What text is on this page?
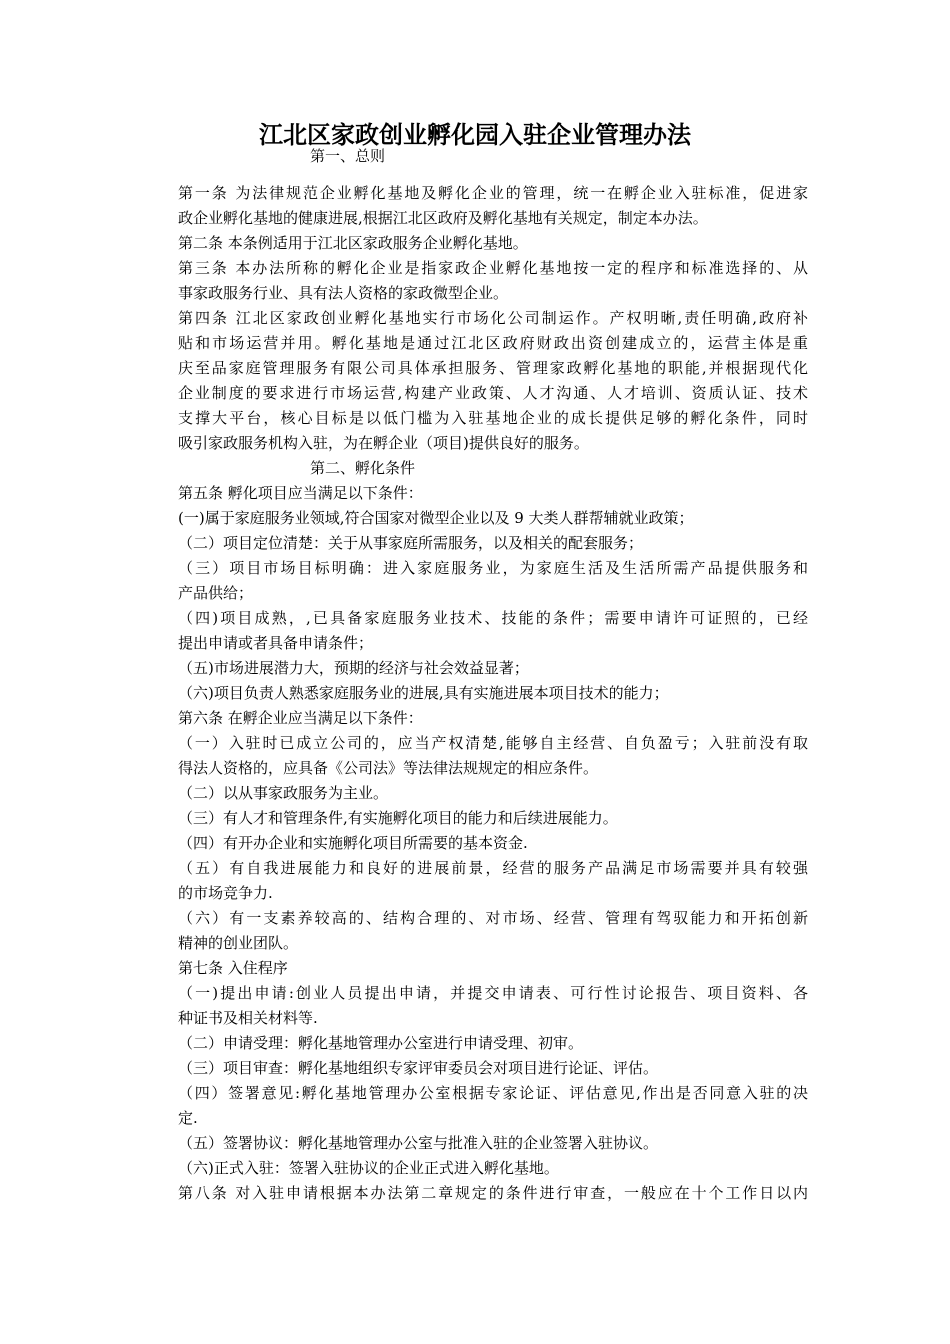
江北区家政创业孵化园入驻企业管理办法
第一、总则
第一条 为法律规范企业孵化基地及孵化企业的管理，统一在孵企业入驻标准，促进家
政企业孵化基地的健康进展,根据江北区政府及孵化基地有关规定，制定本办法。
第二条 本条例适用于江北区家政服务企业孵化基地。
第三条 本办法所称的孵化企业是指家政企业孵化基地按一定的程序和标准选择的、从
事家政服务行业、具有法人资格的家政微型企业。
第四条 江北区家政创业孵化基地实行市场化公司制运作。产权明晰,责任明确,政府补
贴和市场运营并用。孵化基地是通过江北区政府财政出资创建成立的，运营主体是重
庆至品家庭管理服务有限公司具体承担服务、管理家政孵化基地的职能,并根据现代化
企业制度的要求进行市场运营,构建产业政策、人才沟通、人才培训、资质认证、技术
支撑大平台，核心目标是以低门槛为入驻基地企业的成长提供足够的孵化条件，同时
吸引家政服务机构入驻，为在孵企业（项目)提供良好的服务。
第二、孵化条件
第五条 孵化项目应当满足以下条件：
(一)属于家庭服务业领域,符合国家对微型企业以及 9 大类人群帮辅就业政策；
（二）项目定位清楚：关于从事家庭所需服务，以及相关的配套服务；
（三）项目市场目标明确：进入家庭服务业，为家庭生活及生活所需产品提供服务和
产品供给；
（四)项目成熟，,已具备家庭服务业技术、技能的条件；需要申请许可证照的，已经
提出申请或者具备申请条件；
（五)市场进展潜力大，预期的经济与社会效益显著；
（六)项目负责人熟悉家庭服务业的进展,具有实施进展本项目技术的能力；
第六条 在孵企业应当满足以下条件：
（一）入驻时已成立公司的，应当产权清楚,能够自主经营、自负盈亏；入驻前没有取
得法人资格的，应具备《公司法》等法律法规规定的相应条件。
（二）以从事家政服务为主业。
（三）有人才和管理条件,有实施孵化项目的能力和后续进展能力。
（四）有开办企业和实施孵化项目所需要的基本资金.
（五）有自我进展能力和良好的进展前景，经营的服务产品满足市场需要并具有较强
的市场竞争力.
（六）有一支素养较高的、结构合理的、对市场、经营、管理有驾驭能力和开拓创新
精神的创业团队。
第七条 入住程序
（一)提出申请:创业人员提出申请，并提交申请表、可行性讨论报告、项目资料、各
种证书及相关材料等.
（二）申请受理：孵化基地管理办公室进行申请受理、初审。
（三）项目审查：孵化基地组织专家评审委员会对项目进行论证、评估。
（四）签署意见:孵化基地管理办公室根据专家论证、评估意见,作出是否同意入驻的决
定.
（五）签署协议：孵化基地管理办公室与批准入驻的企业签署入驻协议。
（六)正式入驻：签署入驻协议的企业正式进入孵化基地。
第八条 对入驻申请根据本办法第二章规定的条件进行审查，一般应在十个工作日以内
